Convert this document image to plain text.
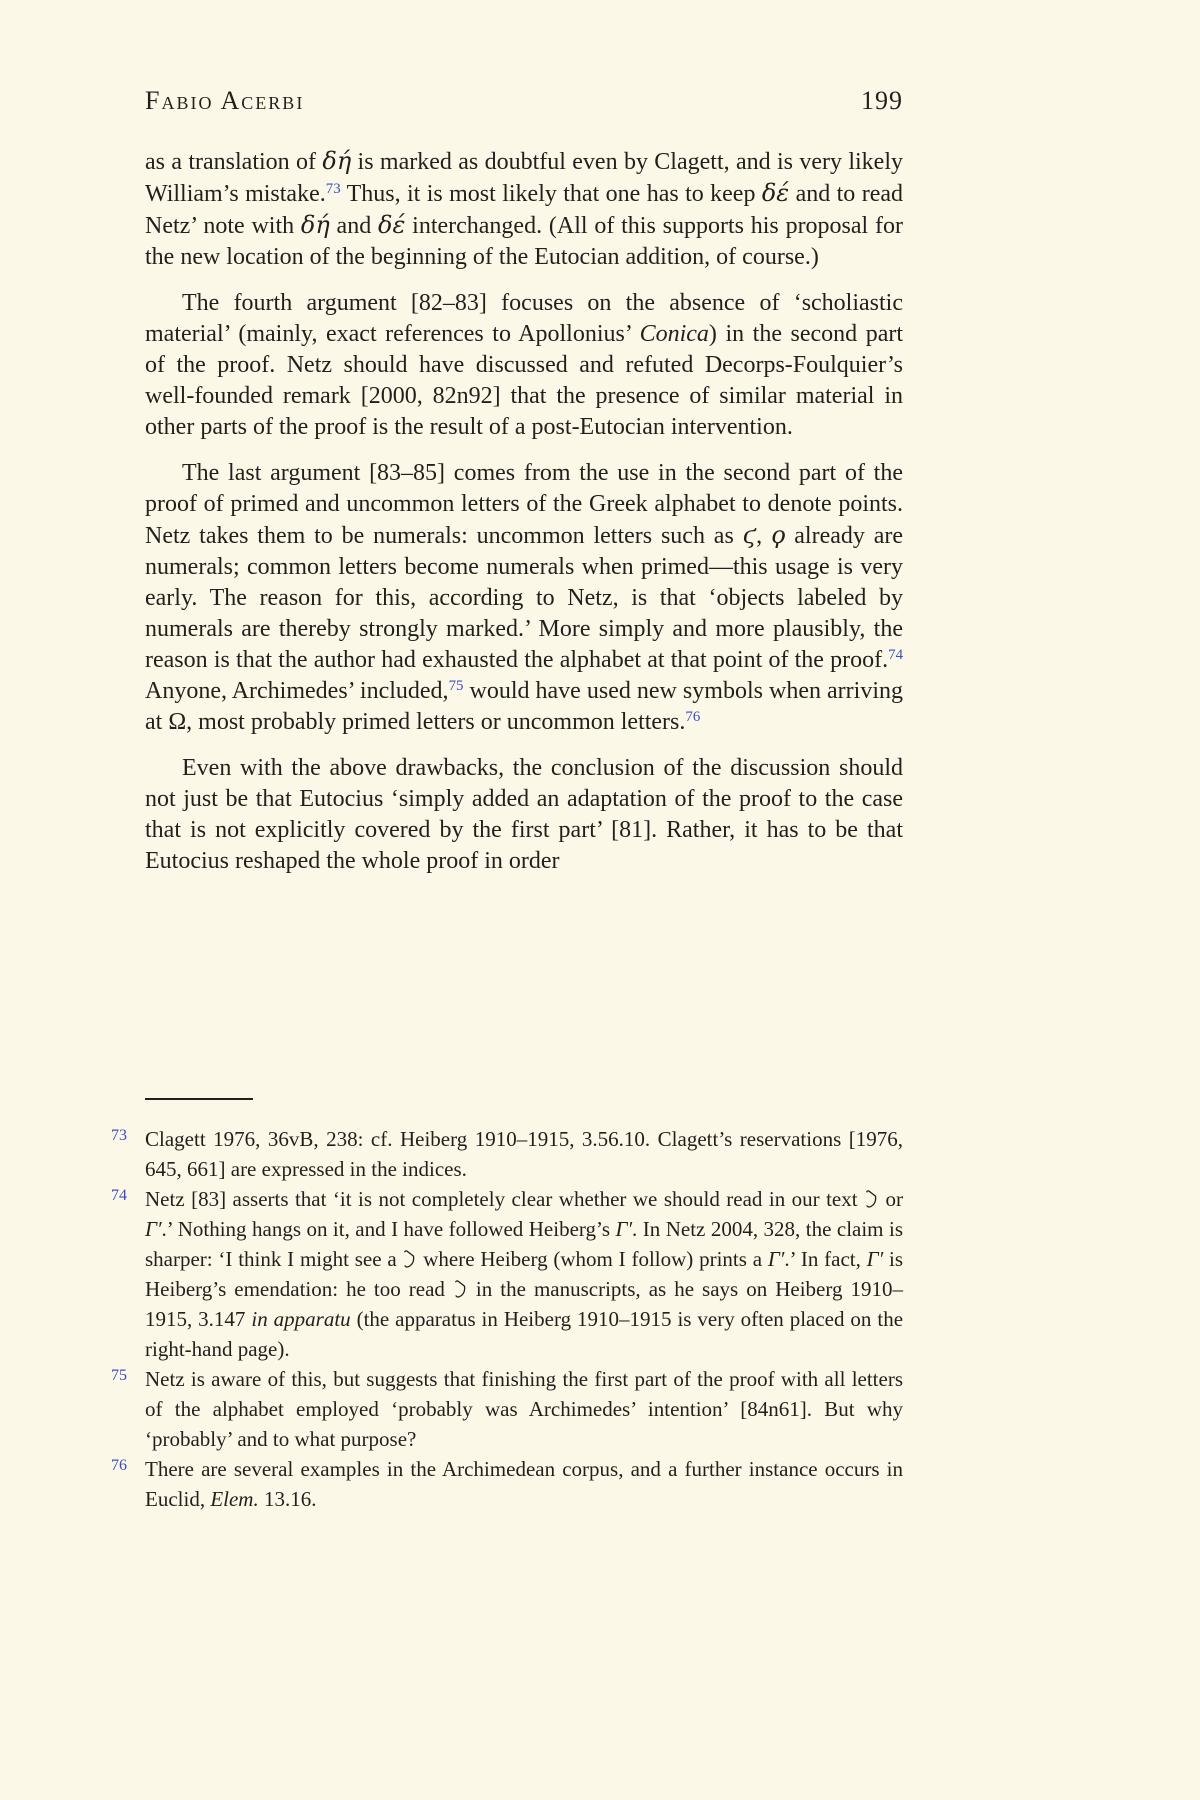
Fabio Acerbi	199
as a translation of δή is marked as doubtful even by Clagett, and is very likely William’s mistake.$^{73}$ Thus, it is most likely that one has to keep δέ and to read Netz’ note with δή and δέ interchanged. (All of this supports his proposal for the new location of the beginning of the Eutocian addition, of course.)
The fourth argument [82–83] focuses on the absence of ‘scholiastic material’ (mainly, exact references to Apollonius’ Conica) in the second part of the proof. Netz should have discussed and refuted Decorps-Foulquier’s well-founded remark [2000, 82n92] that the presence of similar material in other parts of the proof is the result of a post-Eutocian intervention.
The last argument [83–85] comes from the use in the second part of the proof of primed and uncommon letters of the Greek alphabet to denote points. Netz takes them to be numerals: uncommon letters such as ϛ, ϙ already are numerals; common letters become numerals when primed—this usage is very early. The reason for this, according to Netz, is that ‘objects labeled by numerals are thereby strongly marked.’ More simply and more plausibly, the reason is that the author had exhausted the alphabet at that point of the proof.$^{74}$ Anyone, Archimedes’ included,$^{75}$ would have used new symbols when arriving at Ω, most probably primed letters or uncommon letters.$^{76}$
Even with the above drawbacks, the conclusion of the discussion should not just be that Eutocius ‘simply added an adaptation of the proof to the case that is not explicitly covered by the first part’ [81]. Rather, it has to be that Eutocius reshaped the whole proof in order
73 Clagett 1976, 36vB, 238: cf. Heiberg 1910–1915, 3.56.10. Clagett’s reservations [1976, 645, 661] are expressed in the indices.
74 Netz [83] asserts that ‘it is not completely clear whether we should read in our text  or Γ′.’ Nothing hangs on it, and I have followed Heiberg’s Γ′. In Netz 2004, 328, the claim is sharper: ‘I think I might see a  where Heiberg (whom I follow) prints a Γ′.’ In fact, Γ′ is Heiberg’s emendation: he too read  in the manuscripts, as he says on Heiberg 1910–1915, 3.147 in apparatu (the apparatus in Heiberg 1910–1915 is very often placed on the right-hand page).
75 Netz is aware of this, but suggests that finishing the first part of the proof with all letters of the alphabet employed ‘probably was Archimedes’ intention’ [84n61]. But why ‘probably’ and to what purpose?
76 There are several examples in the Archimedean corpus, and a further instance occurs in Euclid, Elem. 13.16.
